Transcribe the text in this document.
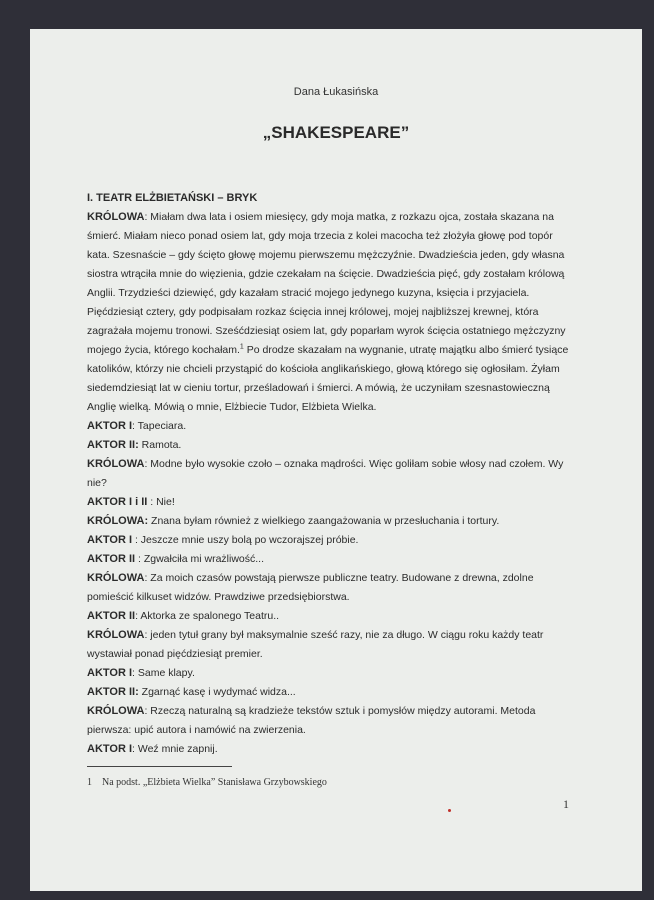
Dana Łukasińska
„SHAKESPEARE”
I. TEATR ELŻBIETAŃSKI – BRYK
KRÓLOWA: Miałam dwa lata i osiem miesięcy, gdy moja matka, z rozkazu ojca, została skazana na
śmierć. Miałam nieco ponad osiem lat, gdy moja trzecia z kolei macocha też złożyła głowę pod topór
kata. Szesnaście – gdy ścięto głowę mojemu pierwszemu mężczyźnie. Dwadzieścia jeden, gdy własna
siostra wtrąciła mnie do więzienia, gdzie czekałam na ścięcie. Dwadzieścia pięć, gdy zostałam królową
Anglii. Trzydzieści dziewięć, gdy kazałam stracić mojego jedynego kuzyna, księcia i przyjaciela.
Pięćdziesiąt cztery, gdy podpisałam rozkaz ścięcia innej królowej, mojej najbliższej krewnej, która
zagrażała mojemu tronowi. Sześćdziesiąt osiem lat, gdy poparłam wyrok ścięcia ostatniego mężczyzny
mojego życia, którego kochałam.$^1$ Po drodze skazałam na wygnanie, utratę majątku albo śmierć tysiące
katolików, którzy nie chcieli przystąpić do kościoła anglikańskiego, głową którego się ogłosiłam. Żyłam
siedemdziesiąt lat w cieniu tortur, prześladowań i śmierci. A mówią, że uczyniłam szesnastowieczną
Anglię wielką. Mówią o mnie, Elżbiecie Tudor, Elżbieta Wielka.
AKTOR I: Tapeciara.
AKTOR II: Ramota.
KRÓLOWA: Modne było wysokie czoło – oznaka mądrości. Więc goliłam sobie włosy nad czołem. Wy
nie?
AKTOR I i II : Nie!
KRÓLOWA: Znana byłam również z wielkiego zaangażowania w przesłuchania i tortury.
AKTOR I : Jeszcze mnie uszy bolą po wczorajszej próbie.
AKTOR II : Zgwałciła mi wrażliwość...
KRÓLOWA: Za moich czasów powstają pierwsze publiczne teatry. Budowane z drewna, zdolne
pomieścić kilkuset widzów. Prawdziwe przedsiębiorstwa.
AKTOR II: Aktorka ze spalonego Teatru..
KRÓLOWA: jeden tytuł grany był maksymalnie sześć razy, nie za długo. W ciągu roku każdy teatr
wystawiał ponad pięćdziesiąt premier.
AKTOR I: Same klapy.
AKTOR II: Zgarnąć kasę i wydymać widza...
KRÓLOWA: Rzeczą naturalną są kradzieże tekstów sztuk i pomysłów między autorami. Metoda
pierwsza: upić autora i namówić na zwierzenia.
AKTOR I: Weź mnie zapnij.
1 Na podst. „Elżbieta Wielka” Stanisława Grzybowskiego
1
